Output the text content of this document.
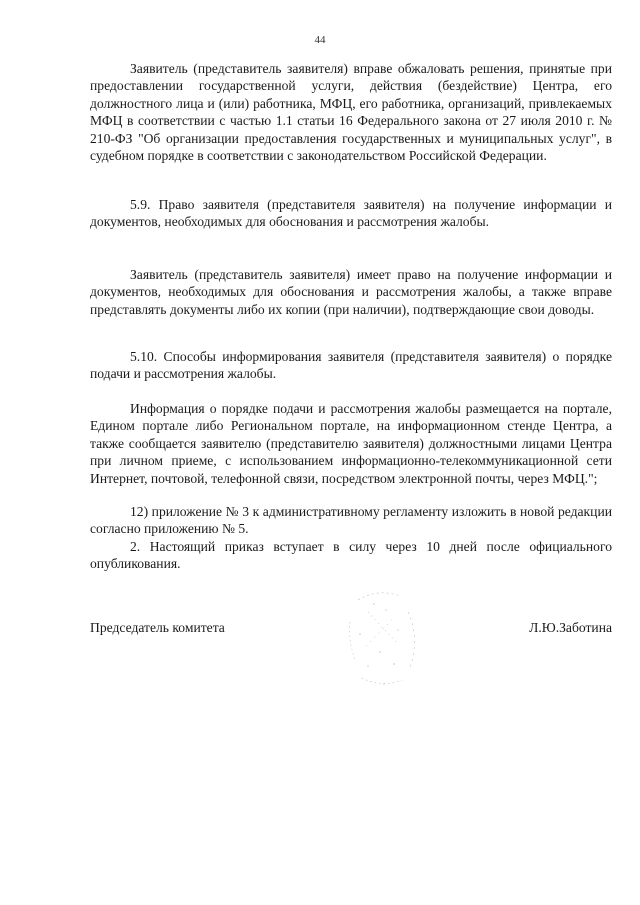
44

Заявитель (представитель заявителя) вправе обжаловать решения, принятые при предоставлении государственной услуги, действия (бездействие) Центра, его должностного лица и (или) работника, МФЦ, его работника, организаций, привлекаемых МФЦ в соответствии с частью 1.1 статьи 16 Федерального закона от 27 июля 2010 г. № 210-ФЗ "Об организации предоставления государственных и муниципальных услуг", в судебном порядке в соответствии с законодательством Российской Федерации.

5.9. Право заявителя (представителя заявителя) на получение информации и документов, необходимых для обоснования и рассмотрения жалобы.

Заявитель (представитель заявителя) имеет право на получение информации и документов, необходимых для обоснования и рассмотрения жалобы, а также вправе представлять документы либо их копии (при наличии), подтверждающие свои доводы.

5.10. Способы информирования заявителя (представителя заявителя) о порядке подачи и рассмотрения жалобы.

Информация о порядке подачи и рассмотрения жалобы размещается на портале, Едином портале либо Региональном портале, на информационном стенде Центра, а также сообщается заявителю (представителю заявителя) должностными лицами Центра при личном приеме, с использованием информационно-телекоммуникационной сети Интернет, почтовой, телефонной связи, посредством электронной почты, через МФЦ.";

12) приложение № 3 к административному регламенту изложить в новой редакции согласно приложению № 5.

2. Настоящий приказ вступает в силу через 10 дней после официального опубликования.

Председатель комитета	Л.Ю.Заботина
